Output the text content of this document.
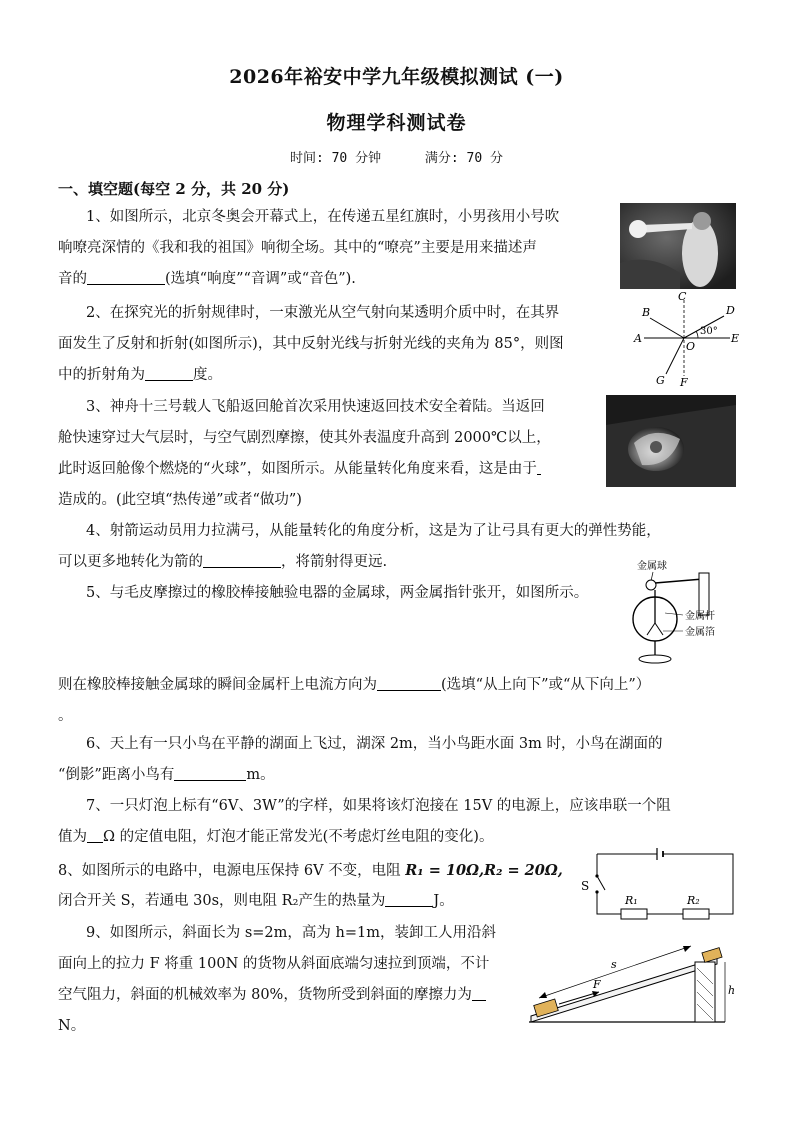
2026年裕安中学九年级模拟测试 (一)
物理学科测试卷
时间: 70 分钟	满分: 70 分
一、填空题(每空 2 分，共 20 分)
1、如图所示，北京冬奥会开幕式上，在传递五星红旗时，小男孩用小号吹
响嘹亮深情的《我和我的祖国》响彻全场。其中的“嘹亮”主要是用来描述声
音的	(选填“响度”“音调”或“音色”).
2、在探究光的折射规律时，一束激光从空气射向某透明介质中时，在其界
面发生了反射和折射(如图所示)，其中反射光线与折射光线的夹角为 85°，则图
中的折射角为	度。
B
C
D
A	E
O
30°
G F
3、神舟十三号载人飞船返回舱首次采用快速返回技术安全着陆。当返回
舱快速穿过大气层时，与空气剧烈摩擦，使其外表温度升高到 2000℃以上，
此时返回舱像个燃烧的“火球”，如图所示。从能量转化角度来看，这是由于
造成的。(此空填“热传递”或者“做功”)
4、射箭运动员用力拉满弓，从能量转化的角度分析，这是为了让弓具有更大的弹性势能，
可以更多地转化为箭的	，将箭射得更远.
5、与毛皮摩擦过的橡胶棒接触验电器的金属球，两金属指针张开，如图所示。
金属球
金属杆
金属箔
则在橡胶棒接触金属球的瞬间金属杆上电流方向为	(选填“从上向下”或“从下向上”）
。
6、天上有一只小鸟在平静的湖面上飞过，湖深 2m，当小鸟距水面 3m 时，小鸟在湖面的
“倒影”距离小鸟有	m。
7、一只灯泡上标有“6V、3W”的字样，如果将该灯泡接在 15V 的电源上，应该串联一个阻
值为 Ω 的定值电阻，灯泡才能正常发光(不考虑灯丝电阻的变化)。
8、如图所示的电路中，电源电压保持 6V 不变，电阻 R₁ = 10Ω,R₂ = 20Ω,
闭合开关 S，若通电 30s，则电阻 R₂产生的热量为	J。
S
R₁	R₂
9、如图所示，斜面长为 s=2m，高为 h=1m，装卸工人用沿斜
面向上的拉力 F 将重 100N 的货物从斜面底端匀速拉到顶端，不计
空气阻力，斜面的机械效率为 80%，货物所受到斜面的摩擦力为
N。
F
s
h
